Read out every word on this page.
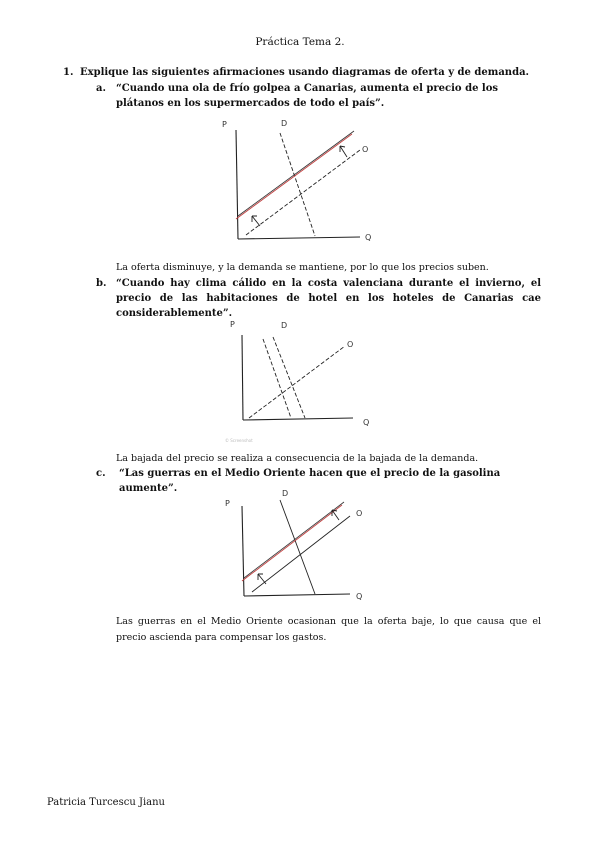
Práctica Tema 2.
1. Explique las siguientes afirmaciones usando diagramas de oferta y de demanda.
a. “Cuando una ola de frío golpea a Canarias, aumenta el precio de los plátanos en los supermercados de todo el país”.
P	D
O
Q
La oferta disminuye, y la demanda se mantiene, por lo que los precios suben.
b. “Cuando hay clima cálido en la costa valenciana durante el invierno, el precio de las habitaciones de hotel en los hoteles de Canarias cae considerablemente”.
P	D
O
Q
© Screenshot
La bajada del precio se realiza a consecuencia de la bajada de la demanda.
c. “Las guerras en el Medio Oriente hacen que el precio de la gasolina aumente”.
P
D
O
Q
Las guerras en el Medio Oriente ocasionan que la oferta baje, lo que causa que el precio ascienda para compensar los gastos.
Patricia Turcescu Jianu
